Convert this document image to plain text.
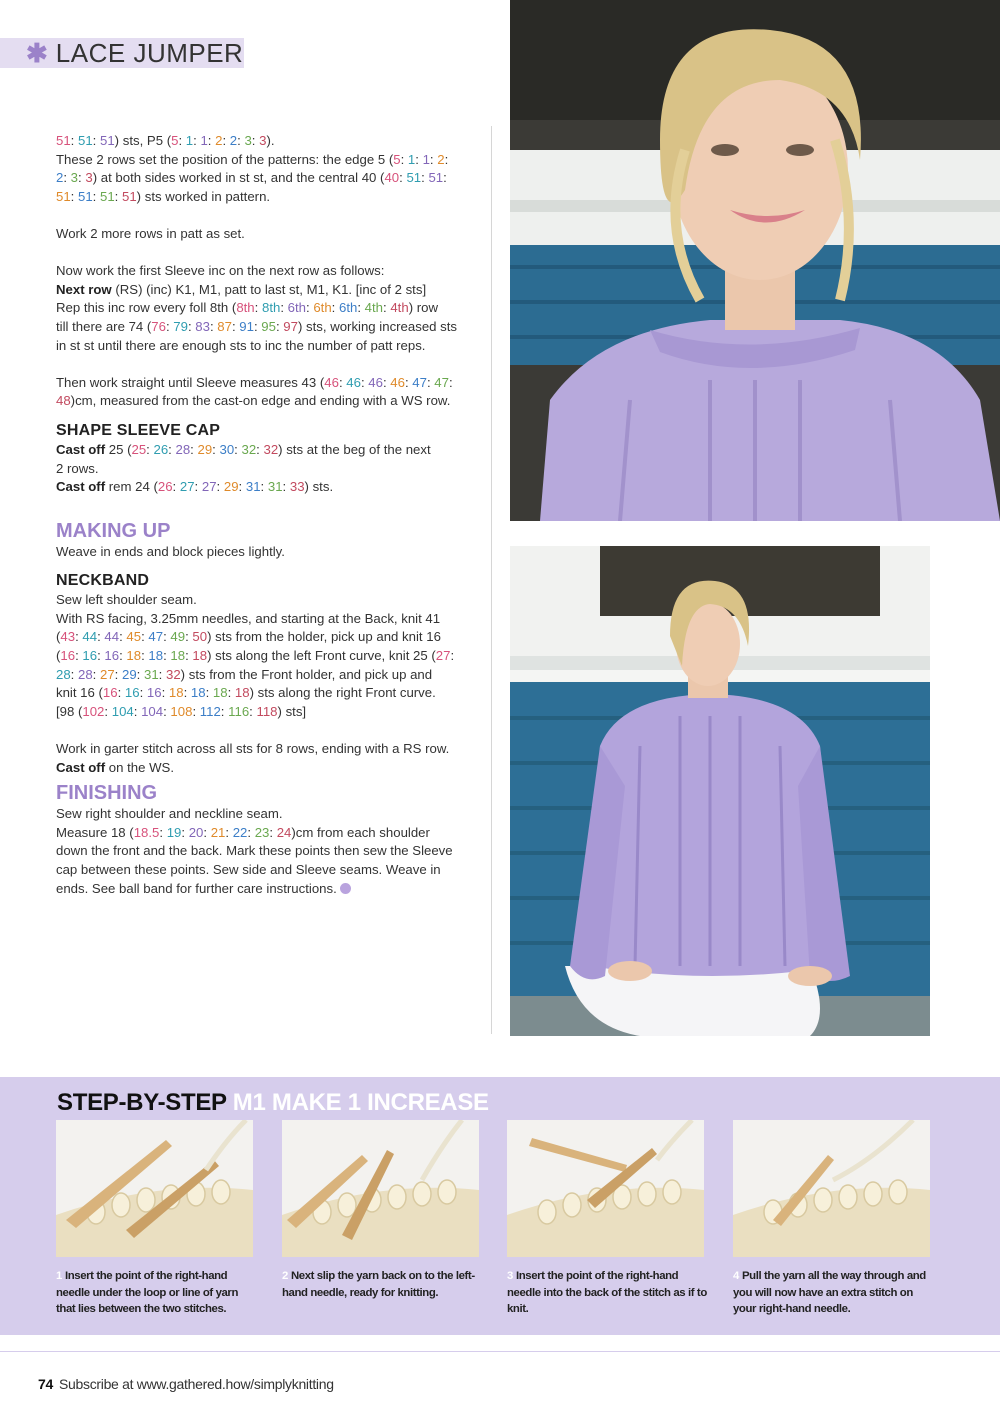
✱ LACE JUMPER

51: 51: 51) sts, P5 (5: 1: 1: 2: 2: 3: 3).

These 2 rows set the position of the patterns: the edge 5 (5: 1: 1: 2:

2: 3: 3) at both sides worked in st st, and the central 40 (40: 51: 51:

51: 51: 51: 51) sts worked in pattern.

Work 2 more rows in patt as set.

Now work the first Sleeve inc on the next row as follows:

Next row (RS) (inc) K1, M1, patt to last st, M1, K1. [inc of 2 sts]

Rep this inc row every foll 8th (8th: 8th: 6th: 6th: 6th: 4th: 4th) row

till there are 74 (76: 79: 83: 87: 91: 95: 97) sts, working increased sts

in st st until there are enough sts to inc the number of patt reps.

Then work straight until Sleeve measures 43 (46: 46: 46: 46: 47: 47:

48)cm, measured from the cast-on edge and ending with a WS row.

SHAPE SLEEVE CAP

Cast off 25 (25: 26: 28: 29: 30: 32: 32) sts at the beg of the next

2 rows.

Cast off rem 24 (26: 27: 27: 29: 31: 31: 33) sts.

MAKING UP

Weave in ends and block pieces lightly.

NECKBAND

Sew left shoulder seam.

With RS facing, 3.25mm needles, and starting at the Back, knit 41

(43: 44: 44: 45: 47: 49: 50) sts from the holder, pick up and knit 16

(16: 16: 16: 18: 18: 18: 18) sts along the left Front curve, knit 25 (27:

28: 28: 27: 29: 31: 32) sts from the Front holder, and pick up and

knit 16 (16: 16: 16: 18: 18: 18: 18) sts along the right Front curve.

[98 (102: 104: 104: 108: 112: 116: 118) sts]

Work in garter stitch across all sts for 8 rows, ending with a RS row.

Cast off on the WS.

FINISHING

Sew right shoulder and neckline seam.

Measure 18 (18.5: 19: 20: 21: 22: 23: 24)cm from each shoulder

down the front and the back. Mark these points then sew the Sleeve

cap between these points. Sew side and Sleeve seams. Weave in

ends. See ball band for further care instructions.

STEP-BY-STEP M1 MAKE 1 INCREASE
1 Insert the point of the right-hand needle under the loop or line of yarn that lies between the two stitches.
2 Next slip the yarn back on to the left-hand needle, ready for knitting.
3 Insert the point of the right-hand needle into the back of the stitch as if to knit.
4 Pull the yarn all the way through and you will now have an extra stitch on your right-hand needle.
74 Subscribe at www.gathered.how/simplyknitting
